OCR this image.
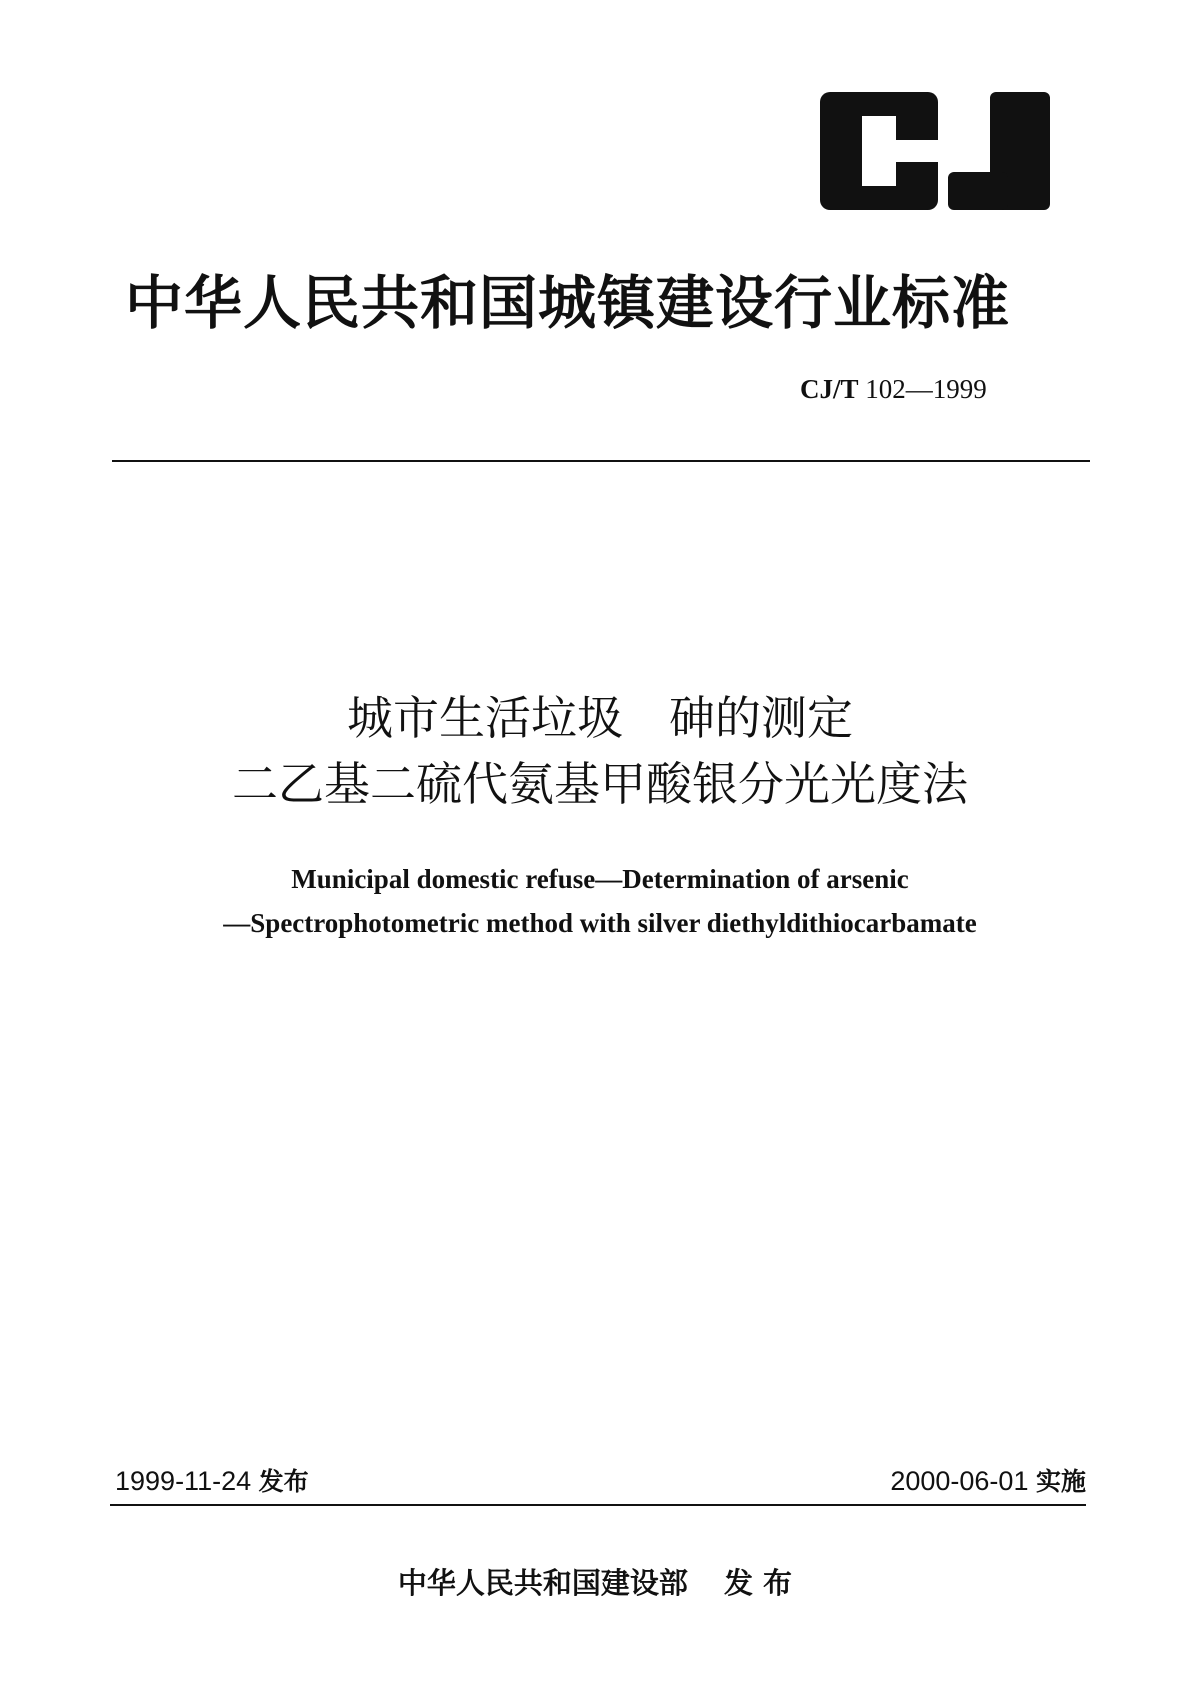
中华人民共和国城镇建设行业标准
CJ/T 102—1999
城市生活垃圾　砷的测定
二乙基二硫代氨基甲酸银分光光度法
Municipal domestic refuse—Determination of arsenic
—Spectrophotometric method with silver diethyldithiocarbamate
1999-11-24 发布	2000-06-01 实施
中华人民共和国建设部 发布
